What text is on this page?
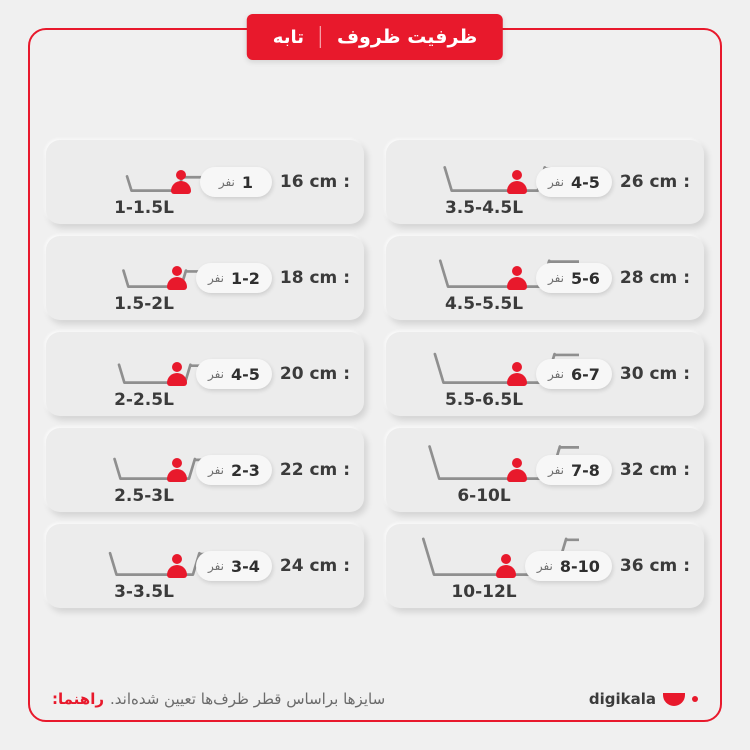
ظرفیت ظروف
تابه
1-1.5L
16 cm :
نفر 1
1.5-2L
18 cm :
نفر 1-2
2-2.5L
20 cm :
نفر 4-5
2.5-3L
22 cm :
نفر 2-3
3-3.5L
24 cm :
نفر 3-4
3.5-4.5L
26 cm :
نفر 4-5
4.5-5.5L
28 cm :
نفر 5-6
5.5-6.5L
30 cm :
نفر 6-7
6-10L
32 cm :
نفر 7-8
10-12L
36 cm :
نفر 8-10
راهنما: سایزها براساس قطر ظرف‌ها تعیین شده‌اند.	digikala
